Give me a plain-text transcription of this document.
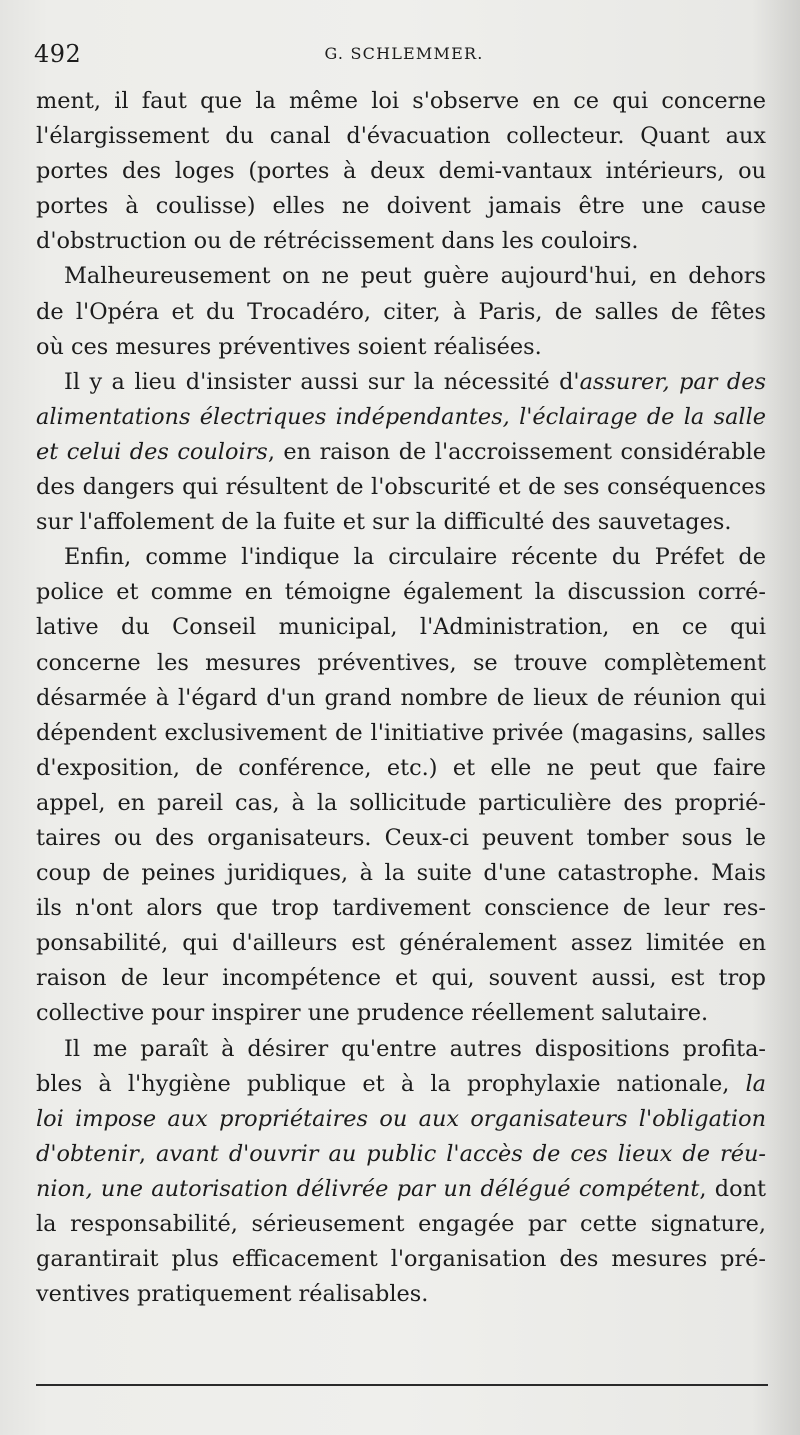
492	G. SCHLEMMER.
ment, il faut que la même loi s'observe en ce qui concerne
l'élargissement du canal d'évacuation collecteur. Quant aux
portes des loges (portes à deux demi-vantaux intérieurs, ou
portes à coulisse) elles ne doivent jamais être une cause
d'obstruction ou de rétrécissement dans les couloirs.
Malheureusement on ne peut guère aujourd'hui, en dehors
de l'Opéra et du Trocadéro, citer, à Paris, de salles de fêtes
où ces mesures préventives soient réalisées.
Il y a lieu d'insister aussi sur la nécessité d'assurer, par des
alimentations électriques indépendantes, l'éclairage de la salle
et celui des couloirs, en raison de l'accroissement considérable
des dangers qui résultent de l'obscurité et de ses conséquences
sur l'affolement de la fuite et sur la difficulté des sauvetages.
Enfin, comme l'indique la circulaire récente du Préfet de
police et comme en témoigne également la discussion corré-
lative du Conseil municipal, l'Administration, en ce qui
concerne les mesures préventives, se trouve complètement
désarmée à l'égard d'un grand nombre de lieux de réunion qui
dépendent exclusivement de l'initiative privée (magasins, salles
d'exposition, de conférence, etc.) et elle ne peut que faire
appel, en pareil cas, à la sollicitude particulière des proprié-
taires ou des organisateurs. Ceux-ci peuvent tomber sous le
coup de peines juridiques, à la suite d'une catastrophe. Mais
ils n'ont alors que trop tardivement conscience de leur res-
ponsabilité, qui d'ailleurs est généralement assez limitée en
raison de leur incompétence et qui, souvent aussi, est trop
collective pour inspirer une prudence réellement salutaire.
Il me paraît à désirer qu'entre autres dispositions profita-
bles à l'hygiène publique et à la prophylaxie nationale, la
loi impose aux propriétaires ou aux organisateurs l'obligation
d'obtenir, avant d'ouvrir au public l'accès de ces lieux de réu-
nion, une autorisation délivrée par un délégué compétent, dont
la responsabilité, sérieusement engagée par cette signature,
garantirait plus efficacement l'organisation des mesures pré-
ventives pratiquement réalisables.
